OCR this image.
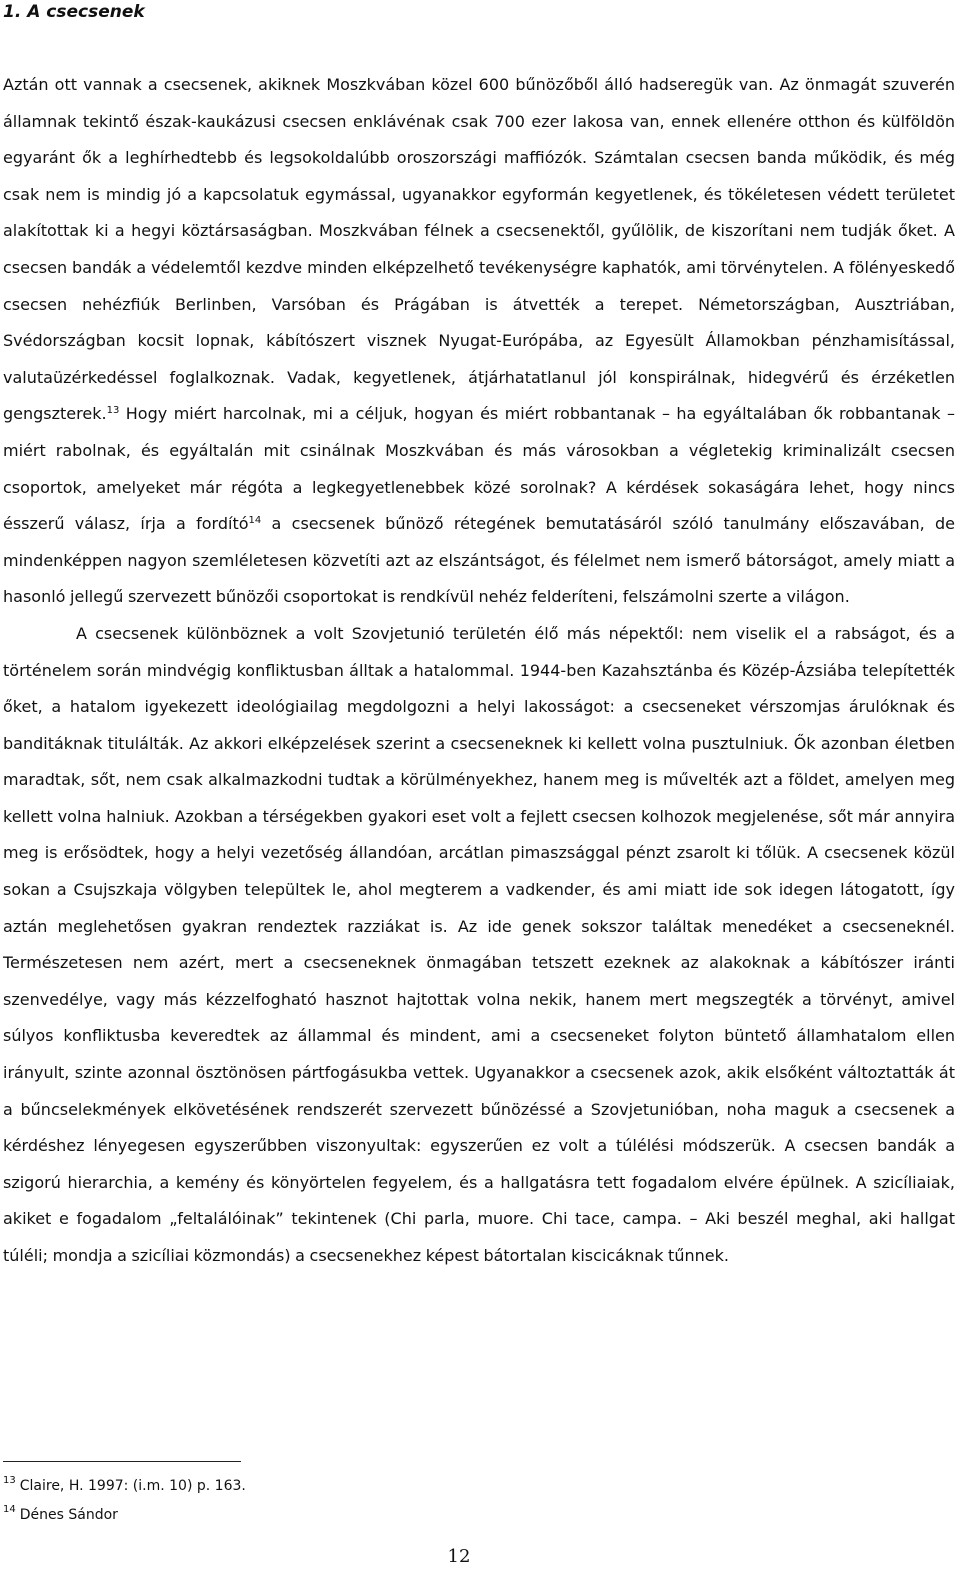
1. A csecsenek

Aztán ott vannak a csecsenek, akiknek Moszkvában közel 600 bűnözőből álló hadseregük van. Az önmagát szuverén államnak tekintő észak-kaukázusi csecsen enklávénak csak 700 ezer lakosa van, ennek ellenére otthon és külföldön egyaránt ők a leghírhedtebb és legsokoldalúbb oroszországi maffiózók. Számtalan csecsen banda működik, és még csak nem is mindig jó a kapcsolatuk egymással, ugyanakkor egyformán kegyetlenek, és tökéletesen védett területet alakítottak ki a hegyi köztársaságban. Moszkvában félnek a csecsenektől, gyűlölik, de kiszorítani nem tudják őket. A csecsen bandák a védelemtől kezdve minden elképzelhető tevékenységre kaphatók, ami törvénytelen. A fölényeskedő csecsen nehézfiúk Berlinben, Varsóban és Prágában is átvették a terepet. Németországban, Ausztriában, Svédországban kocsit lopnak, kábítószert visznek Nyugat-Európába, az Egyesült Államokban pénzhamisítással, valutaüzérkedéssel foglalkoznak. Vadak, kegyetlenek, átjárhatatlanul jól konspirálnak, hidegvérű és érzéketlen gengszterek.$^{13}$ Hogy miért harcolnak, mi a céljuk, hogyan és miért robbantanak – ha egyáltalában ők robbantanak – miért rabolnak, és egyáltalán mit csinálnak Moszkvában és más városokban a végletekig kriminalizált csecsen csoportok, amelyeket már régóta a legkegyetlenebbek közé sorolnak? A kérdések sokaságára lehet, hogy nincs ésszerű válasz, írja a fordító$^{14}$ a csecsenek bűnöző rétegének bemutatásáról szóló tanulmány előszavában, de mindenképpen nagyon szemléletesen közvetíti azt az elszántságot, és félelmet nem ismerő bátorságot, amely miatt a hasonló jellegű szervezett bűnözői csoportokat is rendkívül nehéz felderíteni, felszámolni szerte a világon.

A csecsenek különböznek a volt Szovjetunió területén élő más népektől: nem viselik el a rabságot, és a történelem során mindvégig konfliktusban álltak a hatalommal. 1944-ben Kazahsztánba és Közép-Ázsiába telepítették őket, a hatalom igyekezett ideológiailag megdolgozni a helyi lakosságot: a csecseneket vérszomjas árulóknak és banditáknak titulálták. Az akkori elképzelések szerint a csecseneknek ki kellett volna pusztulniuk. Ők azonban életben maradtak, sőt, nem csak alkalmazkodni tudtak a körülményekhez, hanem meg is művelték azt a földet, amelyen meg kellett volna halniuk. Azokban a térségekben gyakori eset volt a fejlett csecsen kolhozok megjelenése, sőt már annyira meg is erősödtek, hogy a helyi vezetőség állandóan, arcátlan pimaszsággal pénzt zsarolt ki tőlük. A csecsenek közül sokan a Csujszkaja völgyben települtek le, ahol megterem a vadkender, és ami miatt ide sok idegen látogatott, így aztán meglehetősen gyakran rendeztek razziákat is. Az ide genek sokszor találtak menedéket a csecseneknél. Természetesen nem azért, mert a csecseneknek önmagában tetszett ezeknek az alakoknak a kábítószer iránti szenvedélye, vagy más kézzelfogható hasznot hajtottak volna nekik, hanem mert megszegték a törvényt, amivel súlyos konfliktusba keveredtek az állammal és mindent, ami a csecseneket folyton büntető államhatalom ellen irányult, szinte azonnal ösztönösen pártfogásukba vettek. Ugyanakkor a csecsenek azok, akik elsőként változtatták át a bűncselekmények elkövetésének rendszerét szervezett bűnözéssé a Szovjetunióban, noha maguk a csecsenek a kérdéshez lényegesen egyszerűbben viszonyultak: egyszerűen ez volt a túlélési módszerük. A csecsen bandák a szigorú hierarchia, a kemény és könyörtelen fegyelem, és a hallgatásra tett fogadalom elvére épülnek. A szicíliaiak, akiket e fogadalom „feltalálóinak” tekintenek (Chi parla, muore. Chi tace, campa. – Aki beszél meghal, aki hallgat túléli; mondja a szicíliai közmondás) a csecsenekhez képest bátortalan kiscicáknak tűnnek.

$^{13}$ Claire, H. 1997: (i.m. 10) p. 163.
$^{14}$ Dénes Sándor
12
